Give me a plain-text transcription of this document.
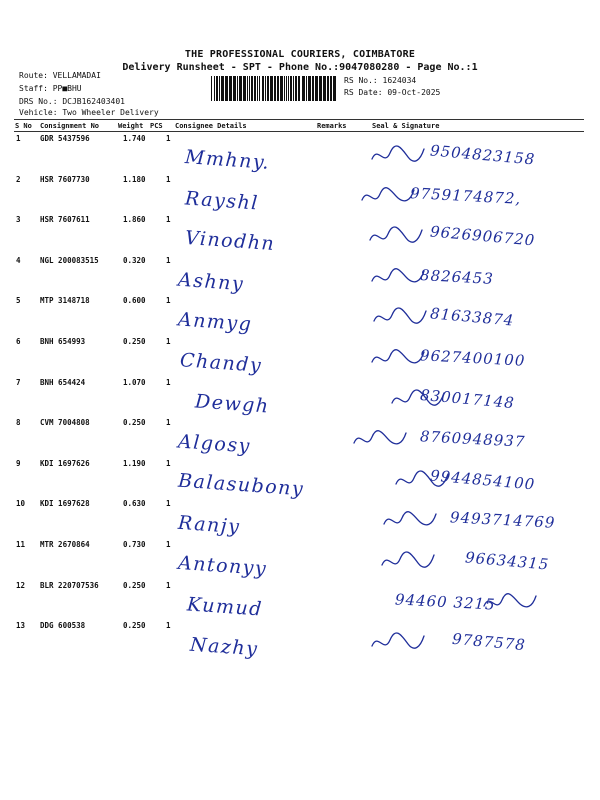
THE PROFESSIONAL COURIERS, COIMBATORE
Delivery Runsheet - SPT - Phone No.:9047080280 - Page No.:1
Route: VELLAMADAI
Staff: PP■BHU
DRS No.: DCJB162403401
Vehicle: Two Wheeler Delivery
RS No.: 1624034
RS Date: 09-Oct-2025
S No Consignment No	Weight PCS Consignee Details	Remarks	Seal & Signature
1	GDR 5437596	1.740	1
Mmhny.	9504823158
2	HSR 7607730	1.180	1
Rayshl	9759174872,
3	HSR 7607611	1.860	1
Vinodhn	9626906720
4	NGL 200083515	0.320	1
Ashny	8826453
5	MTP 3148718	0.600	1
Anmyg	81633874
6	BNH 654993	0.250	1
Chandy	9627400100
7	BNH 654424	1.070	1
Dewgh	830017148
8	CVM 7004808	0.250	1
Algosy	8760948937
9	KDI 1697626	1.190	1
Balasubony	9944854100
10 KDI 1697628	0.630	1
Ranjy	9493714769
11 MTR 2670864	0.730	1
Antonyy	96634315
12 BLR 220707536	0.250	1
Kumud	94460 3215
13 DDG 600538	0.250	1
Nazhy	9787578
